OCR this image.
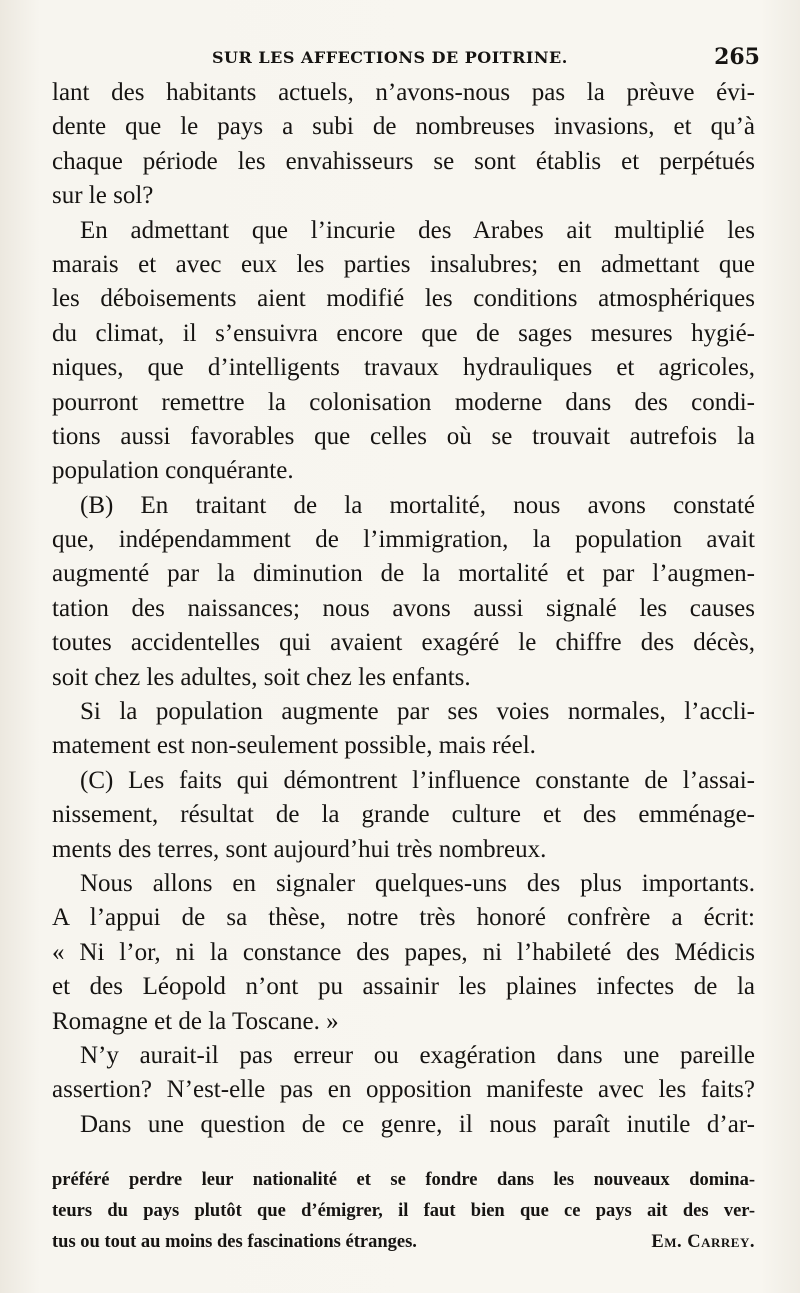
SUR LES AFFECTIONS DE POITRINE.	265
lant des habitants actuels, n’avons-nous pas la prèuve évi-
dente que le pays a subi de nombreuses invasions, et qu’à
chaque période les envahisseurs se sont établis et perpétués
sur le sol?
En admettant que l’incurie des Arabes ait multiplié les
marais et avec eux les parties insalubres; en admettant que
les déboisements aient modifié les conditions atmosphériques
du climat, il s’ensuivra encore que de sages mesures hygié-
niques, que d’intelligents travaux hydrauliques et agricoles,
pourront remettre la colonisation moderne dans des condi-
tions aussi favorables que celles où se trouvait autrefois la
population conquérante.
(B) En traitant de la mortalité, nous avons constaté
que, indépendamment de l’immigration, la population avait
augmenté par la diminution de la mortalité et par l’augmen-
tation des naissances; nous avons aussi signalé les causes
toutes accidentelles qui avaient exagéré le chiffre des décès,
soit chez les adultes, soit chez les enfants.
Si la population augmente par ses voies normales, l’accli-
matement est non-seulement possible, mais réel.
(C) Les faits qui démontrent l’influence constante de l’assai-
nissement, résultat de la grande culture et des emménage-
ments des terres, sont aujourd’hui très nombreux.
Nous allons en signaler quelques-uns des plus importants.
A l’appui de sa thèse, notre très honoré confrère a écrit:
« Ni l’or, ni la constance des papes, ni l’habileté des Médicis
et des Léopold n’ont pu assainir les plaines infectes de la
Romagne et de la Toscane. »
N’y aurait-il pas erreur ou exagération dans une pareille
assertion? N’est-elle pas en opposition manifeste avec les faits?
Dans une question de ce genre, il nous paraît inutile d’ar-
préféré perdre leur nationalité et se fondre dans les nouveaux domina-
teurs du pays plutôt que d’émigrer, il faut bien que ce pays ait des ver-
tus ou tout au moins des fascinations étranges.	Em. Carrey.
